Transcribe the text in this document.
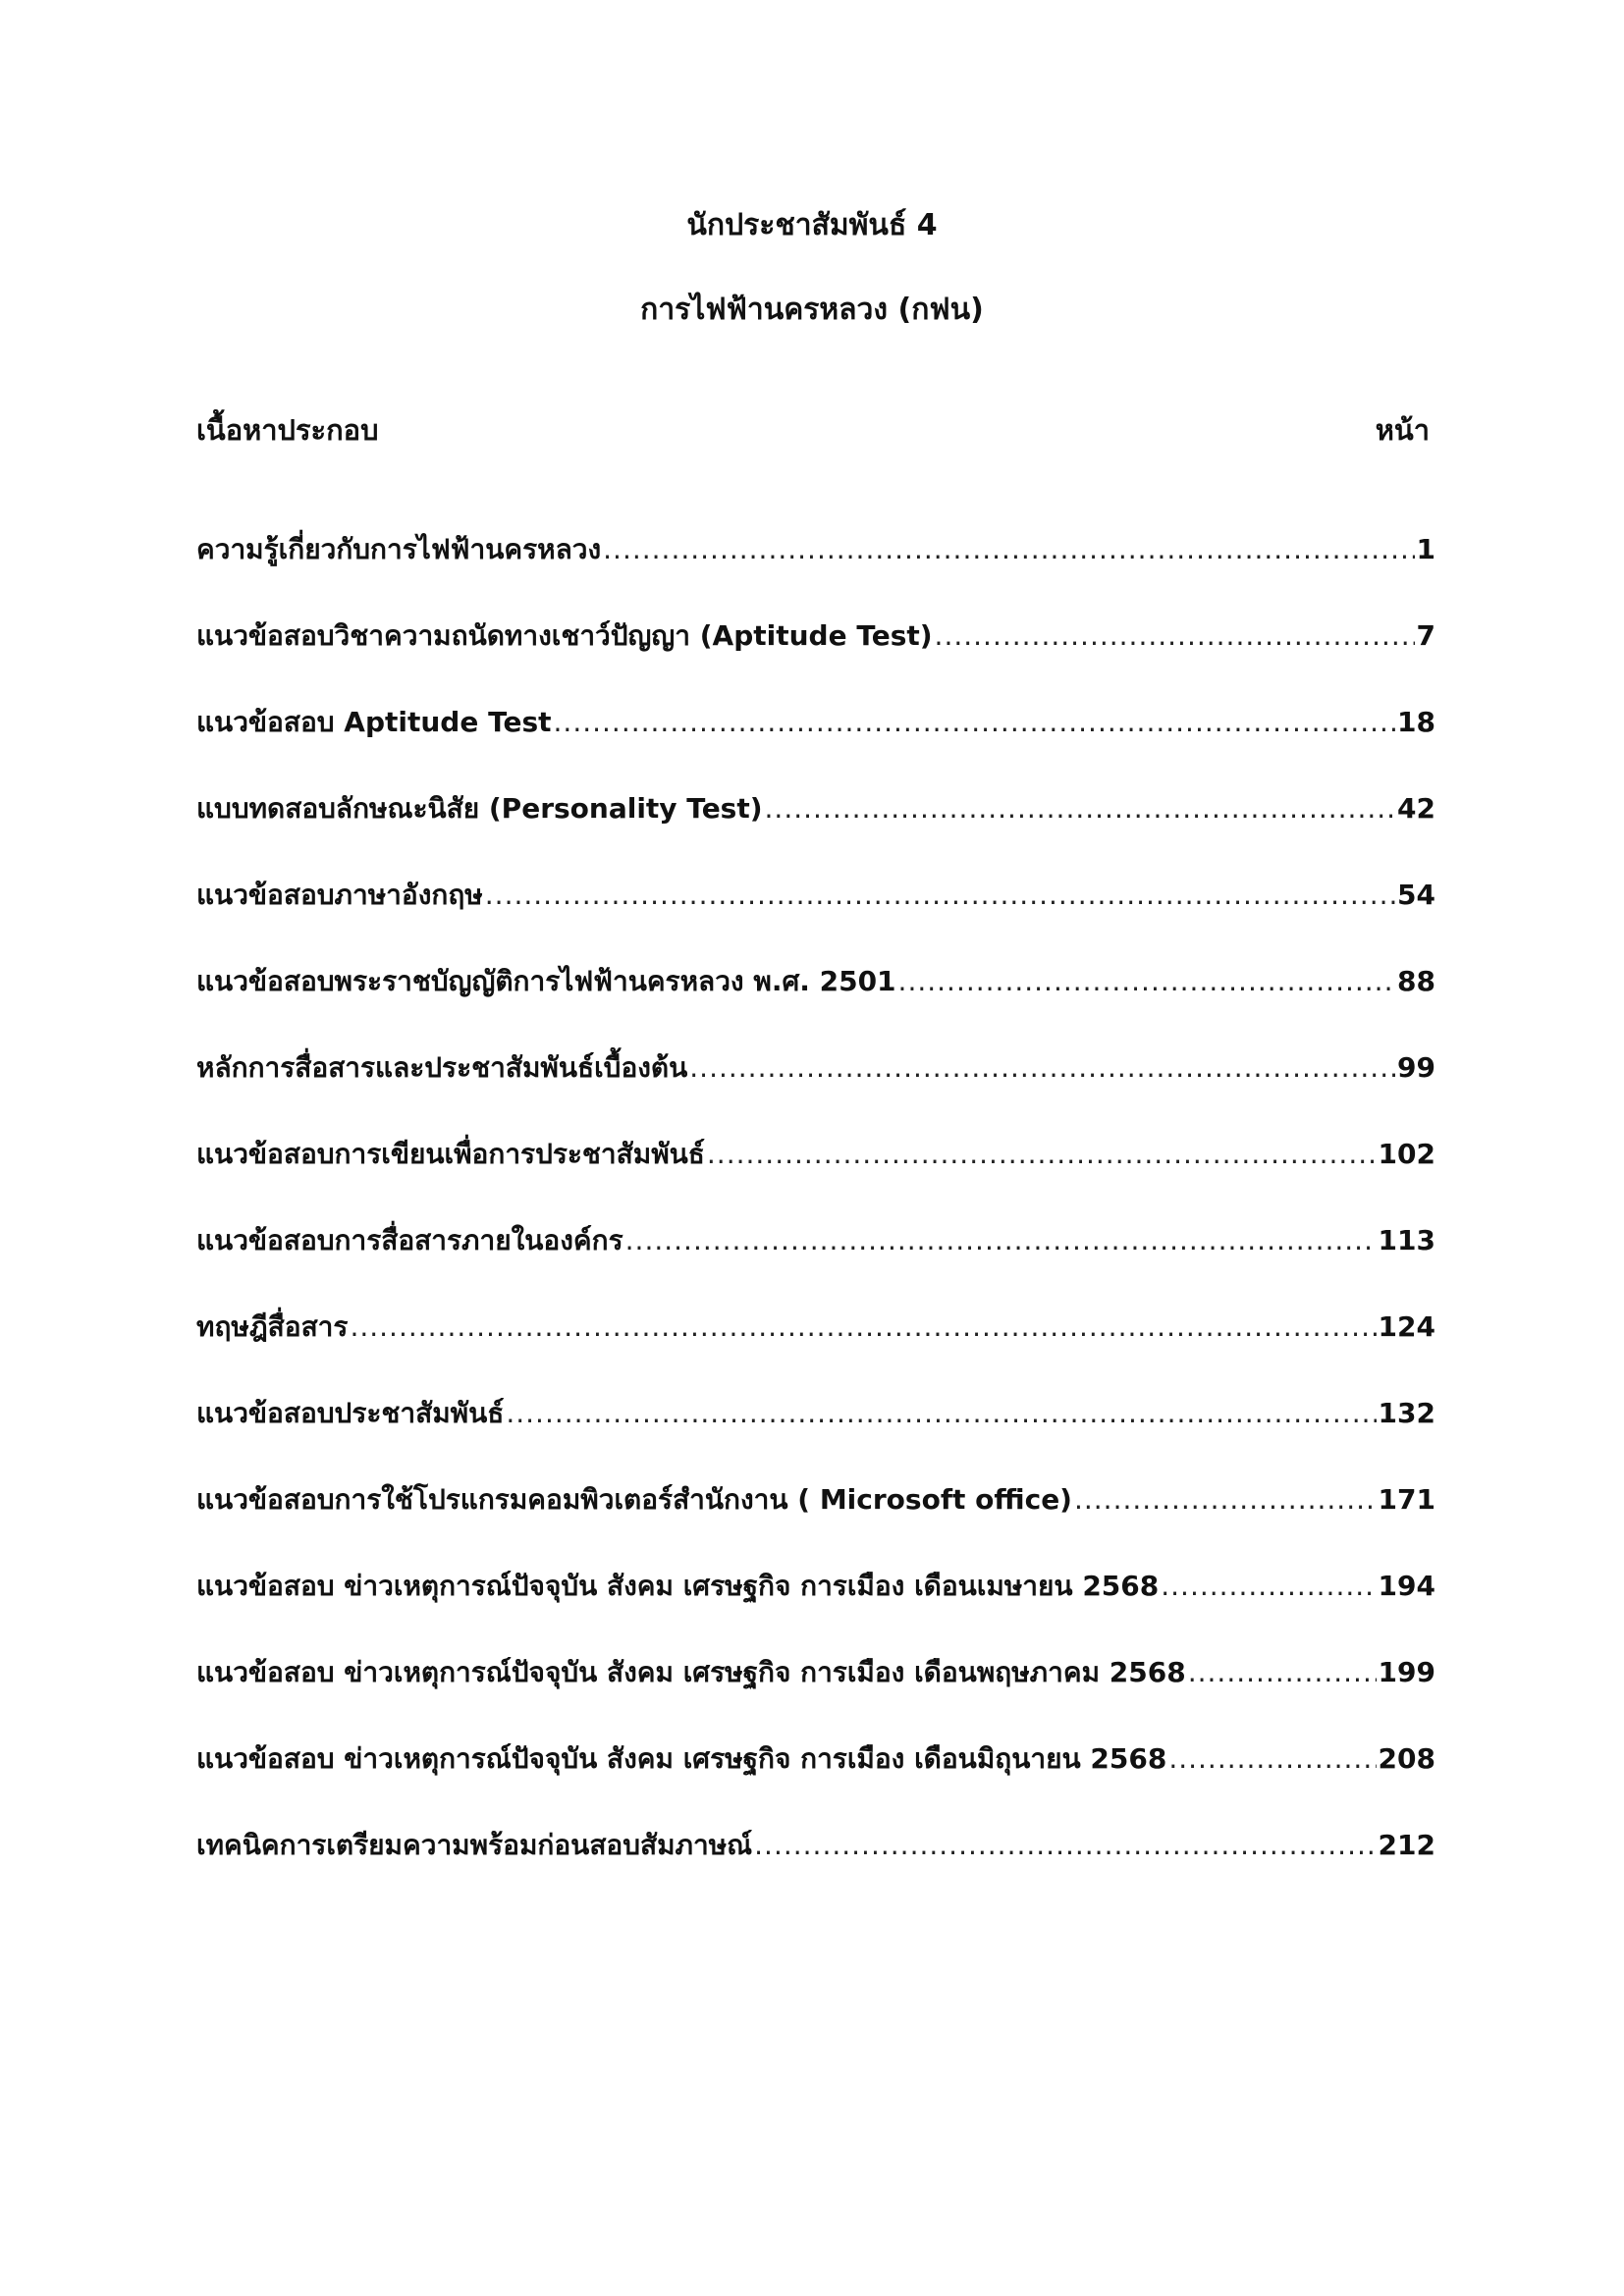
นักประชาสัมพันธ์ 4
การไฟฟ้านครหลวง (กฟน)
เนื้อหาประกอบ	หน้า
ความรู้เกี่ยวกับการไฟฟ้านครหลวง .....	1
แนวข้อสอบวิชาความถนัดทางเชาว์ปัญญา (Aptitude Test) .....	7
แนวข้อสอบ Aptitude Test .....	18
แบบทดสอบลักษณะนิสัย (Personality Test) .....	42
แนวข้อสอบภาษาอังกฤษ .....	54
แนวข้อสอบพระราชบัญญัติการไฟฟ้านครหลวง พ.ศ. 2501 .....	88
หลักการสื่อสารและประชาสัมพันธ์เบื้องต้น .....	99
แนวข้อสอบการเขียนเพื่อการประชาสัมพันธ์ .....	102
แนวข้อสอบการสื่อสารภายในองค์กร .....	113
ทฤษฎีสื่อสาร .....	124
แนวข้อสอบประชาสัมพันธ์ .....	132
แนวข้อสอบการใช้โปรแกรมคอมพิวเตอร์สำนักงาน ( Microsoft office) .....	171
แนวข้อสอบ ข่าวเหตุการณ์ปัจจุบัน สังคม เศรษฐกิจ การเมือง เดือนเมษายน 2568 .....	194
แนวข้อสอบ ข่าวเหตุการณ์ปัจจุบัน สังคม เศรษฐกิจ การเมือง เดือนพฤษภาคม 2568 .....	199
แนวข้อสอบ ข่าวเหตุการณ์ปัจจุบัน สังคม เศรษฐกิจ การเมือง เดือนมิถุนายน 2568 .....	208
เทคนิคการเตรียมความพร้อมก่อนสอบสัมภาษณ์ .....	212
